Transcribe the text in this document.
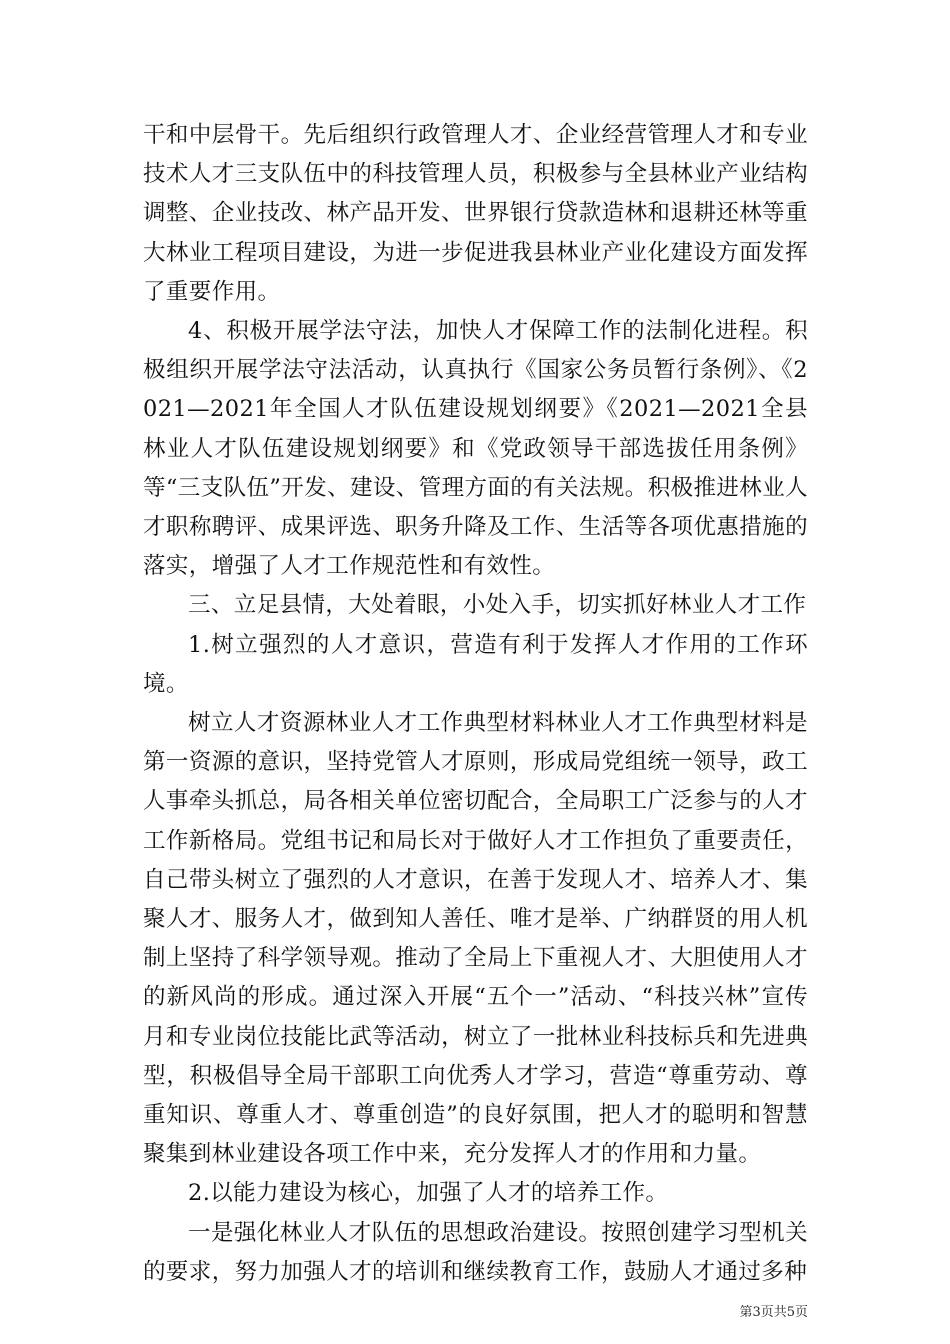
干和中层骨干。先后组织行政管理人才、企业经营管理人才和专业技术人才三支队伍中的科技管理人员，积极参与全县林业产业结构调整、企业技改、林产品开发、世界银行贷款造林和退耕还林等重大林业工程项目建设，为进一步促进我县林业产业化建设方面发挥了重要作用。

4、积极开展学法守法，加快人才保障工作的法制化进程。积极组织开展学法守法活动，认真执行《国家公务员暂行条例》、《2021—2021年全国人才队伍建设规划纲要》《2021—2021全县林业人才队伍建设规划纲要》和《党政领导干部选拔任用条例》等“三支队伍”开发、建设、管理方面的有关法规。积极推进林业人才职称聘评、成果评选、职务升降及工作、生活等各项优惠措施的落实，增强了人才工作规范性和有效性。

三、立足县情，大处着眼，小处入手，切实抓好林业人才工作

1.树立强烈的人才意识，营造有利于发挥人才作用的工作环境。

树立人才资源林业人才工作典型材料林业人才工作典型材料是第一资源的意识，坚持党管人才原则，形成局党组统一领导，政工人事牵头抓总，局各相关单位密切配合，全局职工广泛参与的人才工作新格局。党组书记和局长对于做好人才工作担负了重要责任，自己带头树立了强烈的人才意识，在善于发现人才、培养人才、集聚人才、服务人才，做到知人善任、唯才是举、广纳群贤的用人机制上坚持了科学领导观。推动了全局上下重视人才、大胆使用人才的新风尚的形成。通过深入开展“五个一”活动、“科技兴林”宣传月和专业岗位技能比武等活动，树立了一批林业科技标兵和先进典型，积极倡导全局干部职工向优秀人才学习，营造“尊重劳动、尊重知识、尊重人才、尊重创造”的良好氛围，把人才的聪明和智慧聚集到林业建设各项工作中来，充分发挥人才的作用和力量。

2.以能力建设为核心，加强了人才的培养工作。

一是强化林业人才队伍的思想政治建设。按照创建学习型机关的要求，努力加强人才的培训和继续教育工作，鼓励人才通过多种

第3页共5页
